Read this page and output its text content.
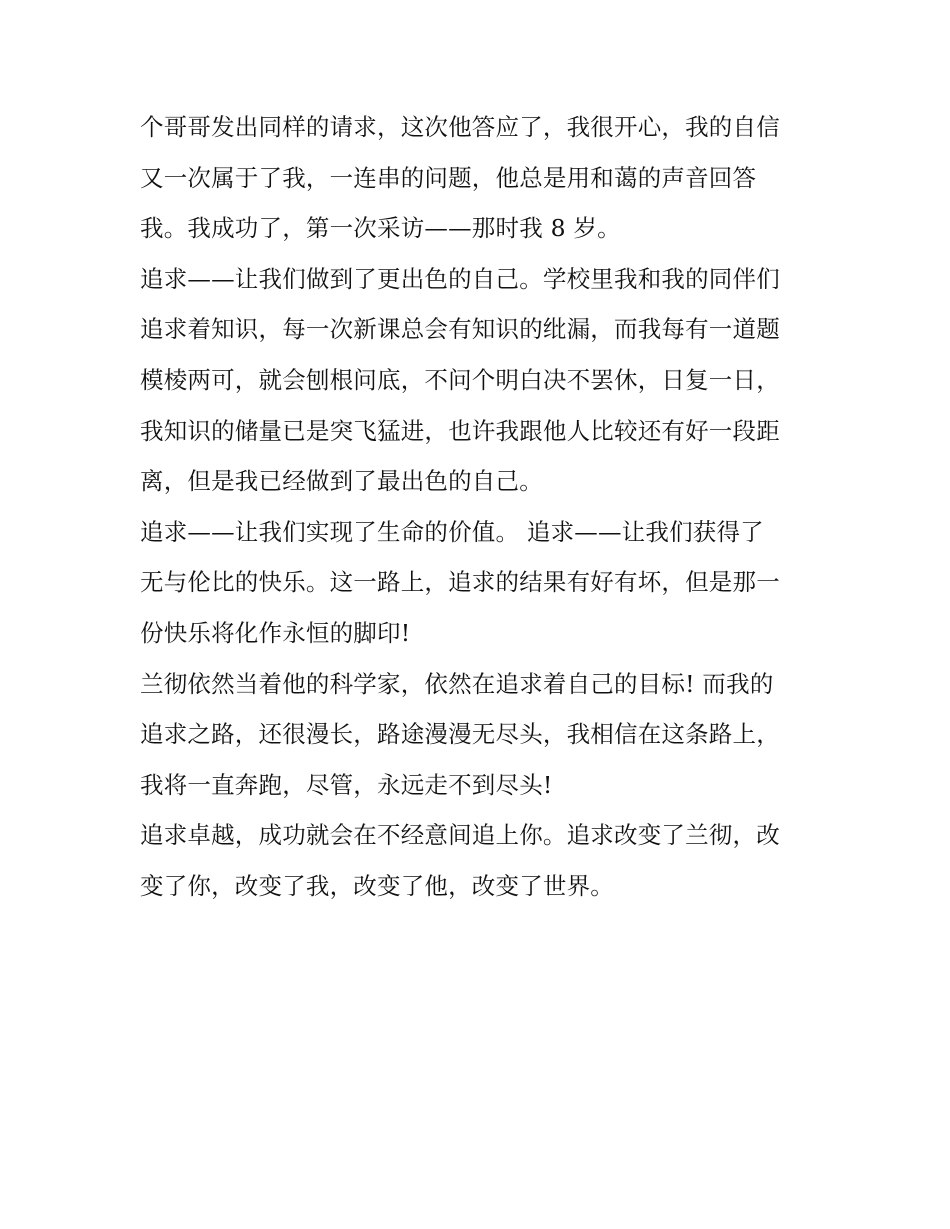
个哥哥发出同样的请求，这次他答应了，我很开心，我的自信
又一次属于了我，一连串的问题，他总是用和蔼的声音回答
我。我成功了，第一次采访——那时我 8 岁。
追求——让我们做到了更出色的自己。学校里我和我的同伴们
追求着知识，每一次新课总会有知识的纰漏，而我每有一道题
模棱两可，就会刨根问底，不问个明白决不罢休，日复一日，
我知识的储量已是突飞猛进，也许我跟他人比较还有好一段距
离，但是我已经做到了最出色的自己。
追求——让我们实现了生命的价值。 追求——让我们获得了
无与伦比的快乐。这一路上，追求的结果有好有坏，但是那一
份快乐将化作永恒的脚印!
兰彻依然当着他的科学家，依然在追求着自己的目标! 而我的
追求之路，还很漫长，路途漫漫无尽头，我相信在这条路上，
我将一直奔跑，尽管，永远走不到尽头!
追求卓越，成功就会在不经意间追上你。追求改变了兰彻，改
变了你，改变了我，改变了他，改变了世界。
